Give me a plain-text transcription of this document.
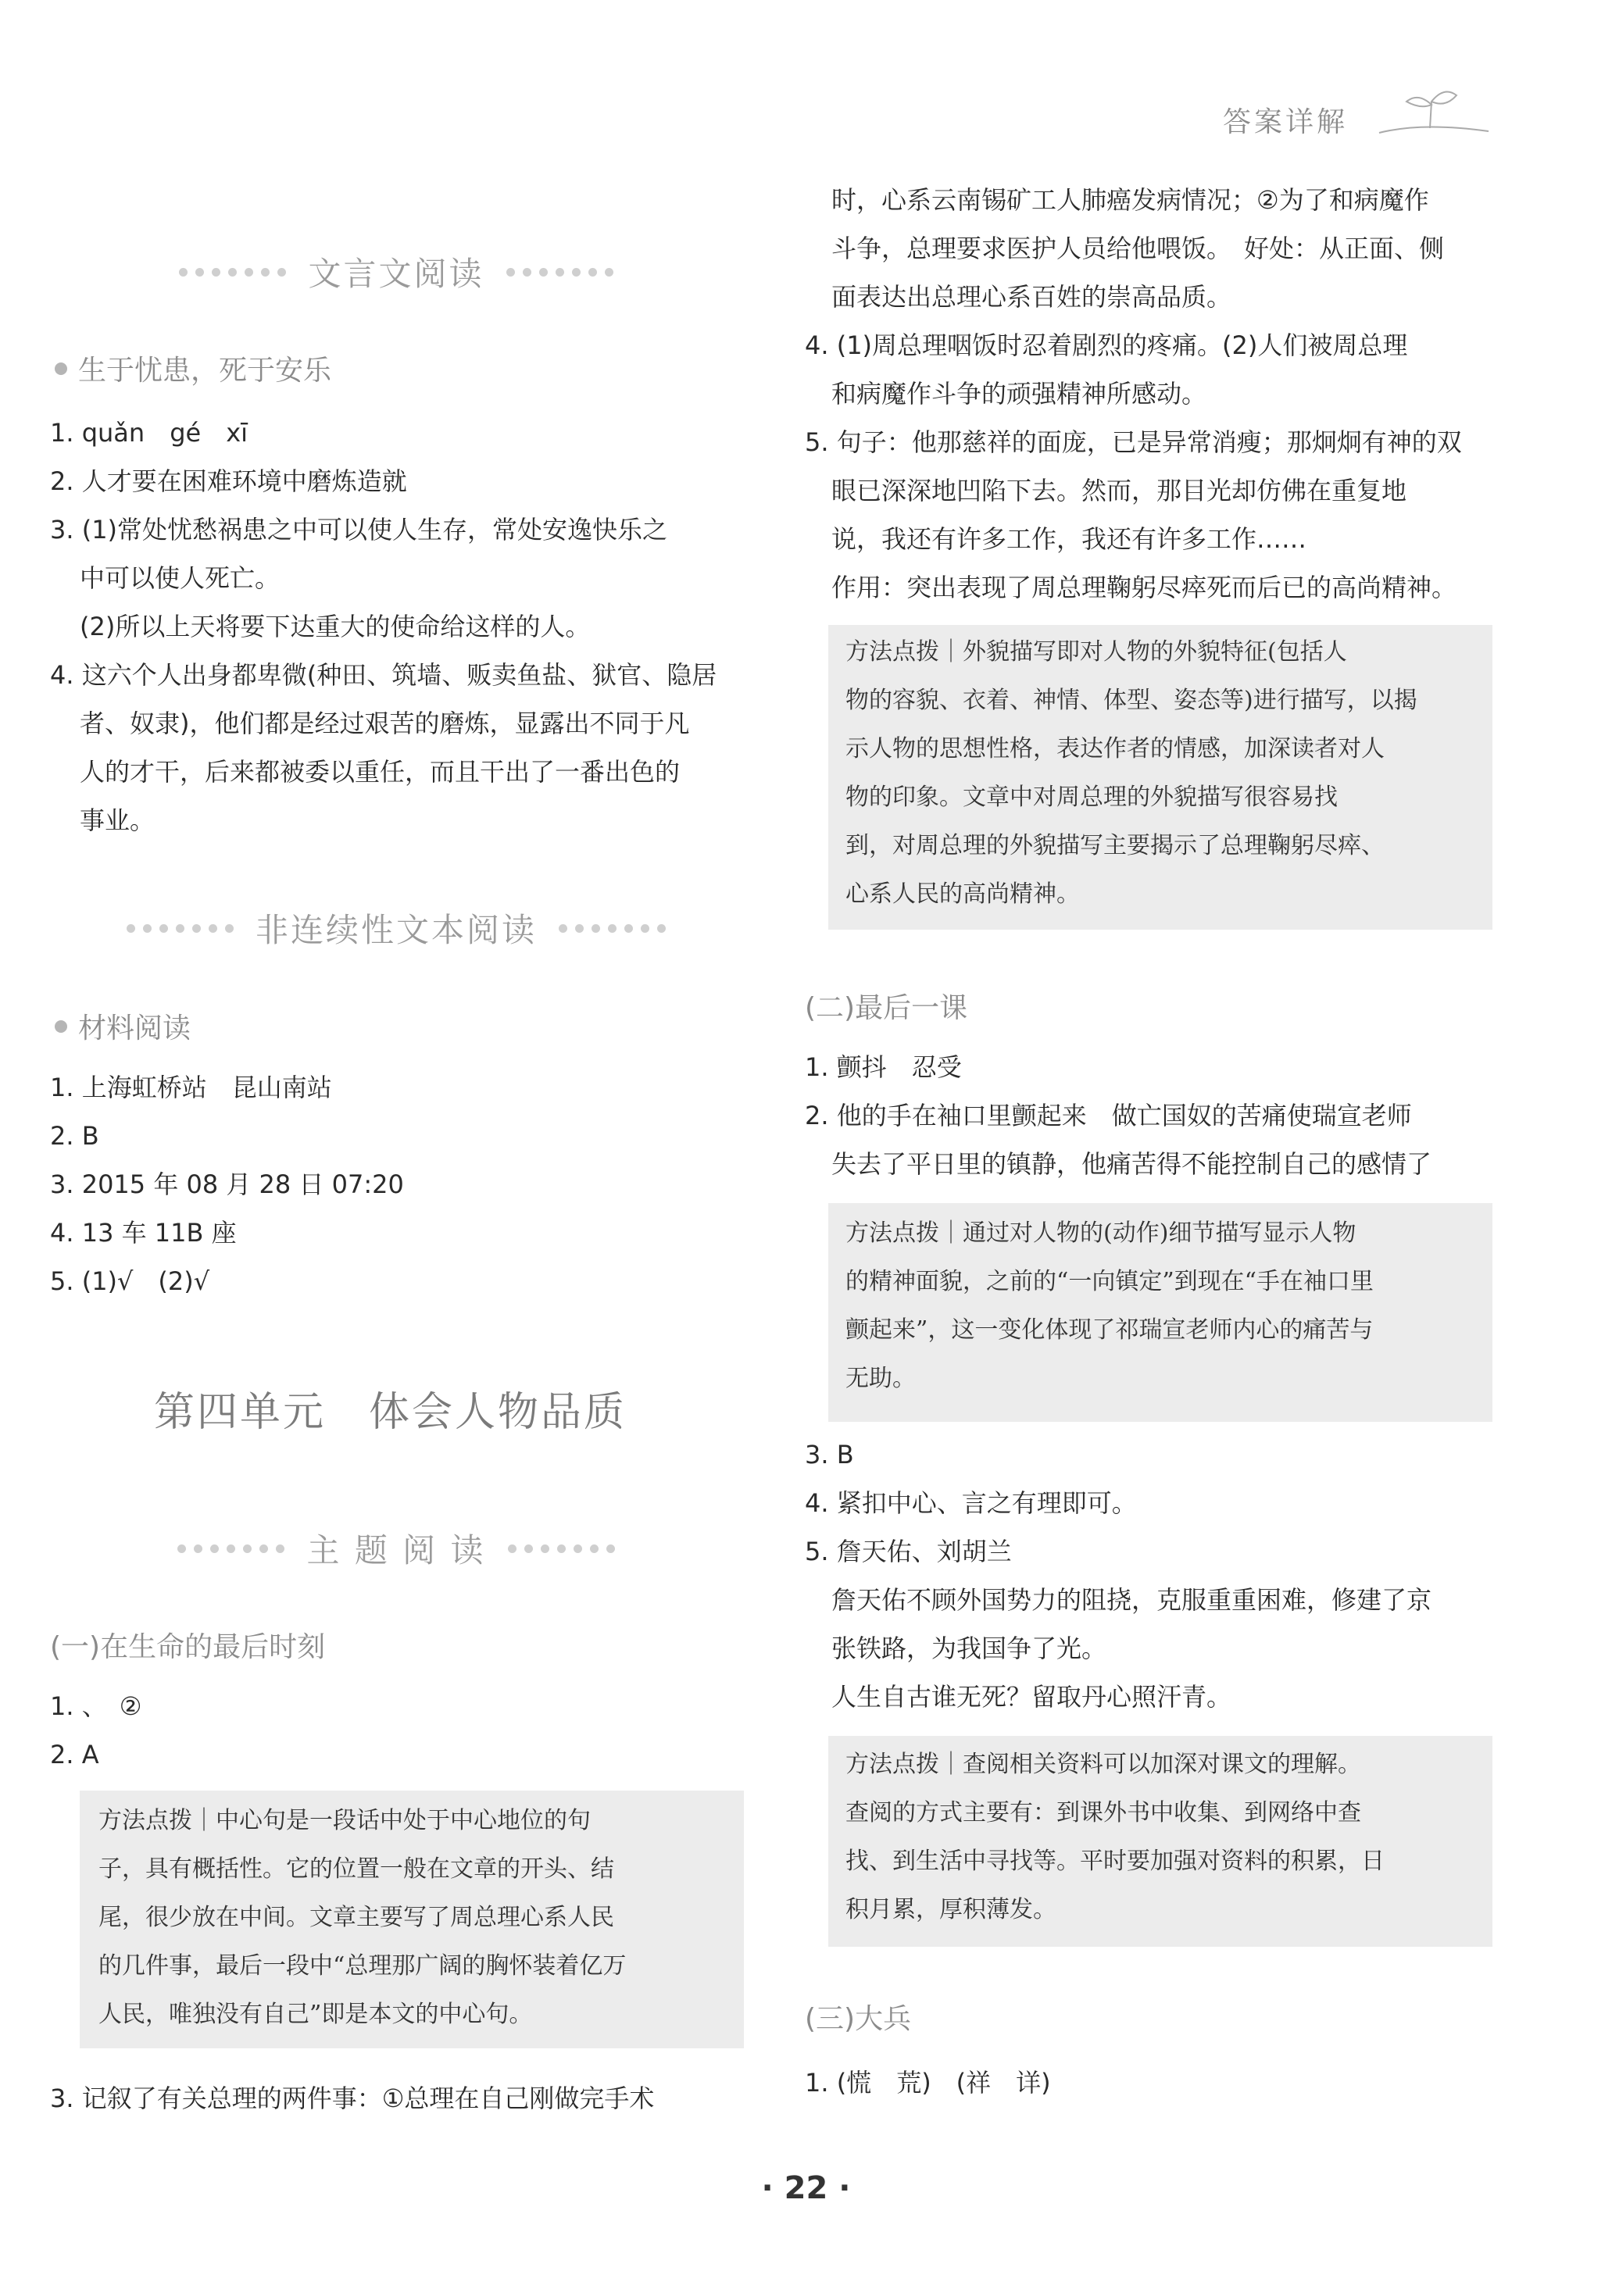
答案详解
文言文阅读
生于忧患，死于安乐
1. quǎn　gé　xī
2. 人才要在困难环境中磨炼造就
3. (1)常处忧愁祸患之中可以使人生存，常处安逸快乐之
中可以使人死亡。
(2)所以上天将要下达重大的使命给这样的人。
4. 这六个人出身都卑微(种田、筑墙、贩卖鱼盐、狱官、隐居
者、奴隶)，他们都是经过艰苦的磨炼，显露出不同于凡
人的才干，后来都被委以重任，而且干出了一番出色的
事业。
非连续性文本阅读
材料阅读
1. 上海虹桥站　昆山南站
2. B
3. 2015 年 08 月 28 日 07:20
4. 13 车 11B 座
5. (1)√　(2)√
第四单元　体会人物品质
主 题 阅 读
(一)在生命的最后时刻
1. 、　②
2. A
方法点拨｜中心句是一段话中处于中心地位的句
子，具有概括性。它的位置一般在文章的开头、结
尾，很少放在中间。文章主要写了周总理心系人民
的几件事，最后一段中“总理那广阔的胸怀装着亿万
人民，唯独没有自己”即是本文的中心句。
3. 记叙了有关总理的两件事：①总理在自己刚做完手术
时，心系云南锡矿工人肺癌发病情况；②为了和病魔作
斗争，总理要求医护人员给他喂饭。　好处：从正面、侧
面表达出总理心系百姓的崇高品质。
4. (1)周总理咽饭时忍着剧烈的疼痛。(2)人们被周总理
和病魔作斗争的顽强精神所感动。
5. 句子：他那慈祥的面庞，已是异常消瘦；那炯炯有神的双
眼已深深地凹陷下去。然而，那目光却仿佛在重复地
说，我还有许多工作，我还有许多工作……
作用：突出表现了周总理鞠躬尽瘁死而后已的高尚精神。
方法点拨｜外貌描写即对人物的外貌特征(包括人
物的容貌、衣着、神情、体型、姿态等)进行描写，以揭
示人物的思想性格，表达作者的情感，加深读者对人
物的印象。文章中对周总理的外貌描写很容易找
到，对周总理的外貌描写主要揭示了总理鞠躬尽瘁、
心系人民的高尚精神。
(二)最后一课
1. 颤抖　忍受
2. 他的手在袖口里颤起来　做亡国奴的苦痛使瑞宣老师
失去了平日里的镇静，他痛苦得不能控制自己的感情了
方法点拨｜通过对人物的(动作)细节描写显示人物
的精神面貌，之前的“一向镇定”到现在“手在袖口里
颤起来”，这一变化体现了祁瑞宣老师内心的痛苦与
无助。
3. B
4. 紧扣中心、言之有理即可。
5. 詹天佑、刘胡兰
詹天佑不顾外国势力的阻挠，克服重重困难，修建了京
张铁路，为我国争了光。
人生自古谁无死？留取丹心照汗青。
方法点拨｜查阅相关资料可以加深对课文的理解。
查阅的方式主要有：到课外书中收集、到网络中查
找、到生活中寻找等。平时要加强对资料的积累，日
积月累，厚积薄发。
(三)大兵
1. (慌　荒)　(祥　详)
· 22 ·
